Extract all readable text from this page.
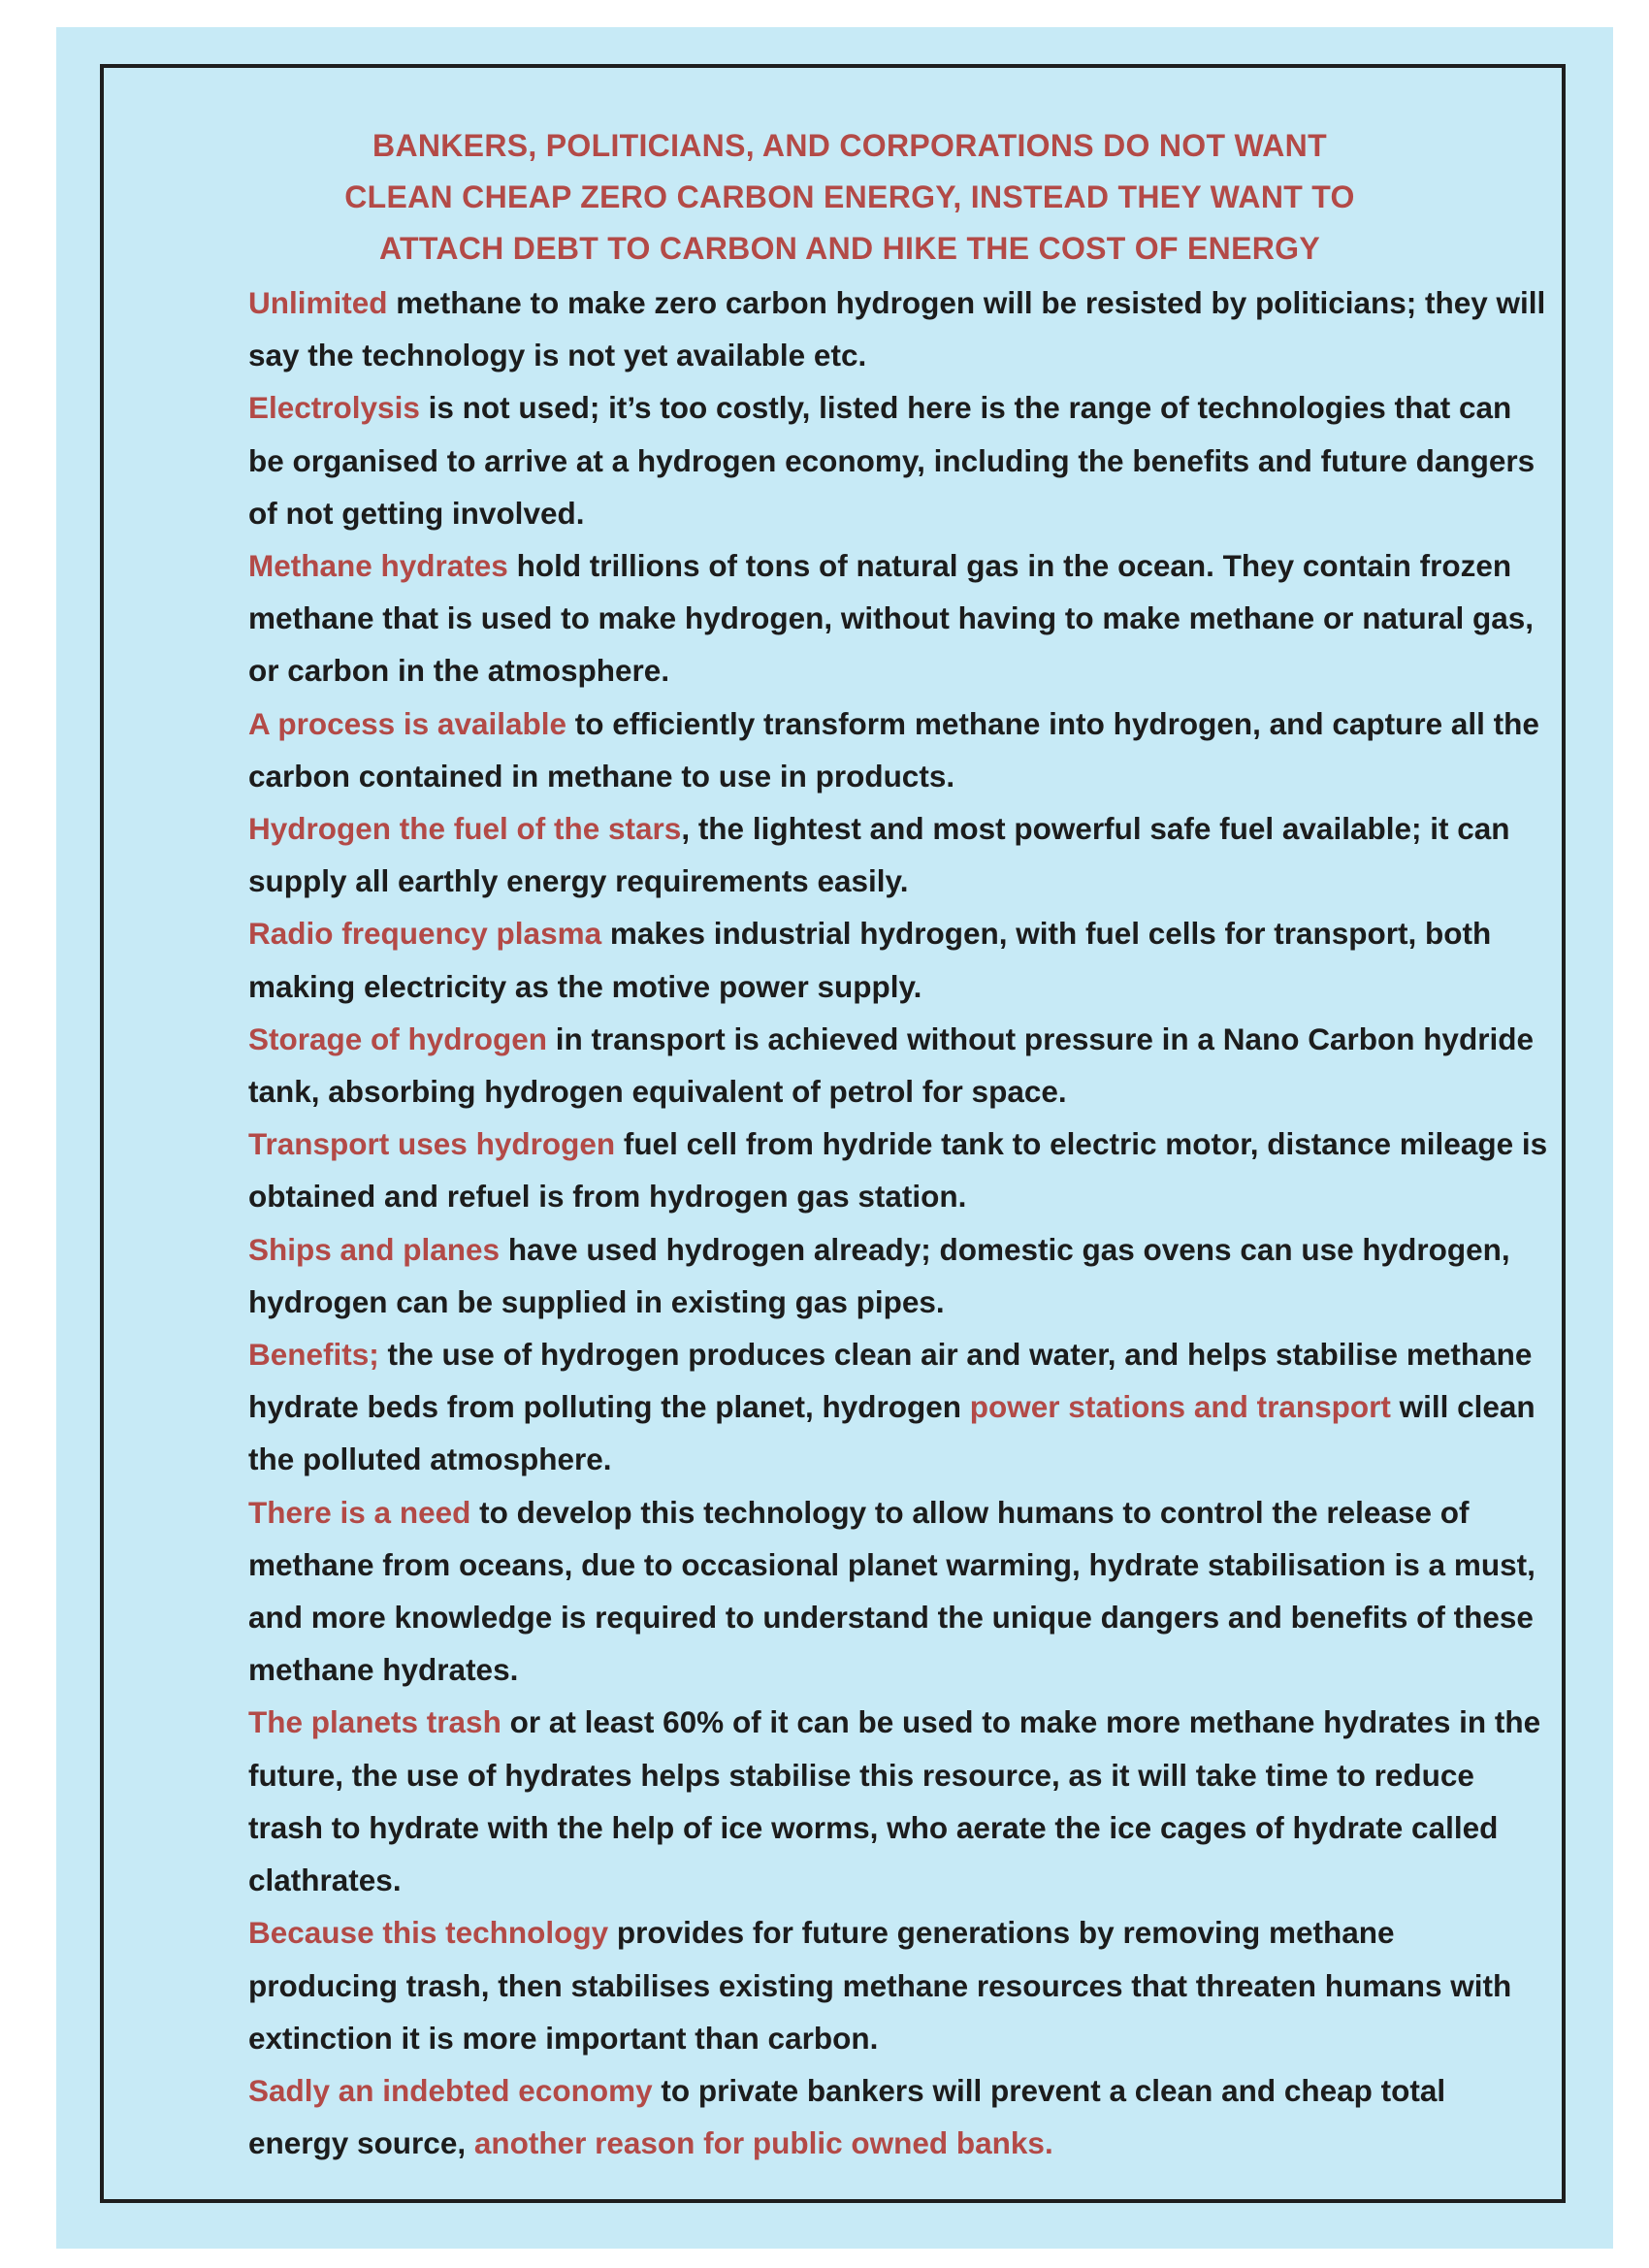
BANKERS, POLITICIANS, AND CORPORATIONS DO NOT WANT
CLEAN CHEAP ZERO CARBON ENERGY, INSTEAD THEY WANT TO
ATTACH DEBT TO CARBON AND HIKE THE COST OF ENERGY

Unlimited methane to make zero carbon hydrogen will be resisted by politicians; they will say the technology is not yet available etc.

Electrolysis is not used; it’s too costly, listed here is the range of technologies that can be organised to arrive at a hydrogen economy, including the benefits and future dangers of not getting involved.

Methane hydrates hold trillions of tons of natural gas in the ocean. They contain frozen methane that is used to make hydrogen, without having to make methane or natural gas, or carbon in the atmosphere.

A process is available to efficiently transform methane into hydrogen, and capture all the carbon contained in methane to use in products.

Hydrogen the fuel of the stars, the lightest and most powerful safe fuel available; it can supply all earthly energy requirements easily.

Radio frequency plasma makes industrial hydrogen, with fuel cells for transport, both making electricity as the motive power supply.

Storage of hydrogen in transport is achieved without pressure in a Nano Carbon hydride tank, absorbing hydrogen equivalent of petrol for space.

Transport uses hydrogen fuel cell from hydride tank to electric motor, distance mileage is obtained and refuel is from hydrogen gas station.

Ships and planes have used hydrogen already; domestic gas ovens can use hydrogen, hydrogen can be supplied in existing gas pipes.

Benefits; the use of hydrogen produces clean air and water, and helps stabilise methane hydrate beds from polluting the planet, hydrogen power stations and transport will clean the polluted atmosphere.

There is a need to develop this technology to allow humans to control the release of methane from oceans, due to occasional planet warming, hydrate stabilisation is a must, and more knowledge is required to understand the unique dangers and benefits of these methane hydrates.

The planets trash or at least 60% of it can be used to make more methane hydrates in the future, the use of hydrates helps stabilise this resource, as it will take time to reduce trash to hydrate with the help of ice worms, who aerate the ice cages of hydrate called clathrates.

Because this technology provides for future generations by removing methane producing trash, then stabilises existing methane resources that threaten humans with extinction it is more important than carbon.

Sadly an indebted economy to private bankers will prevent a clean and cheap total energy source, another reason for public owned banks.
